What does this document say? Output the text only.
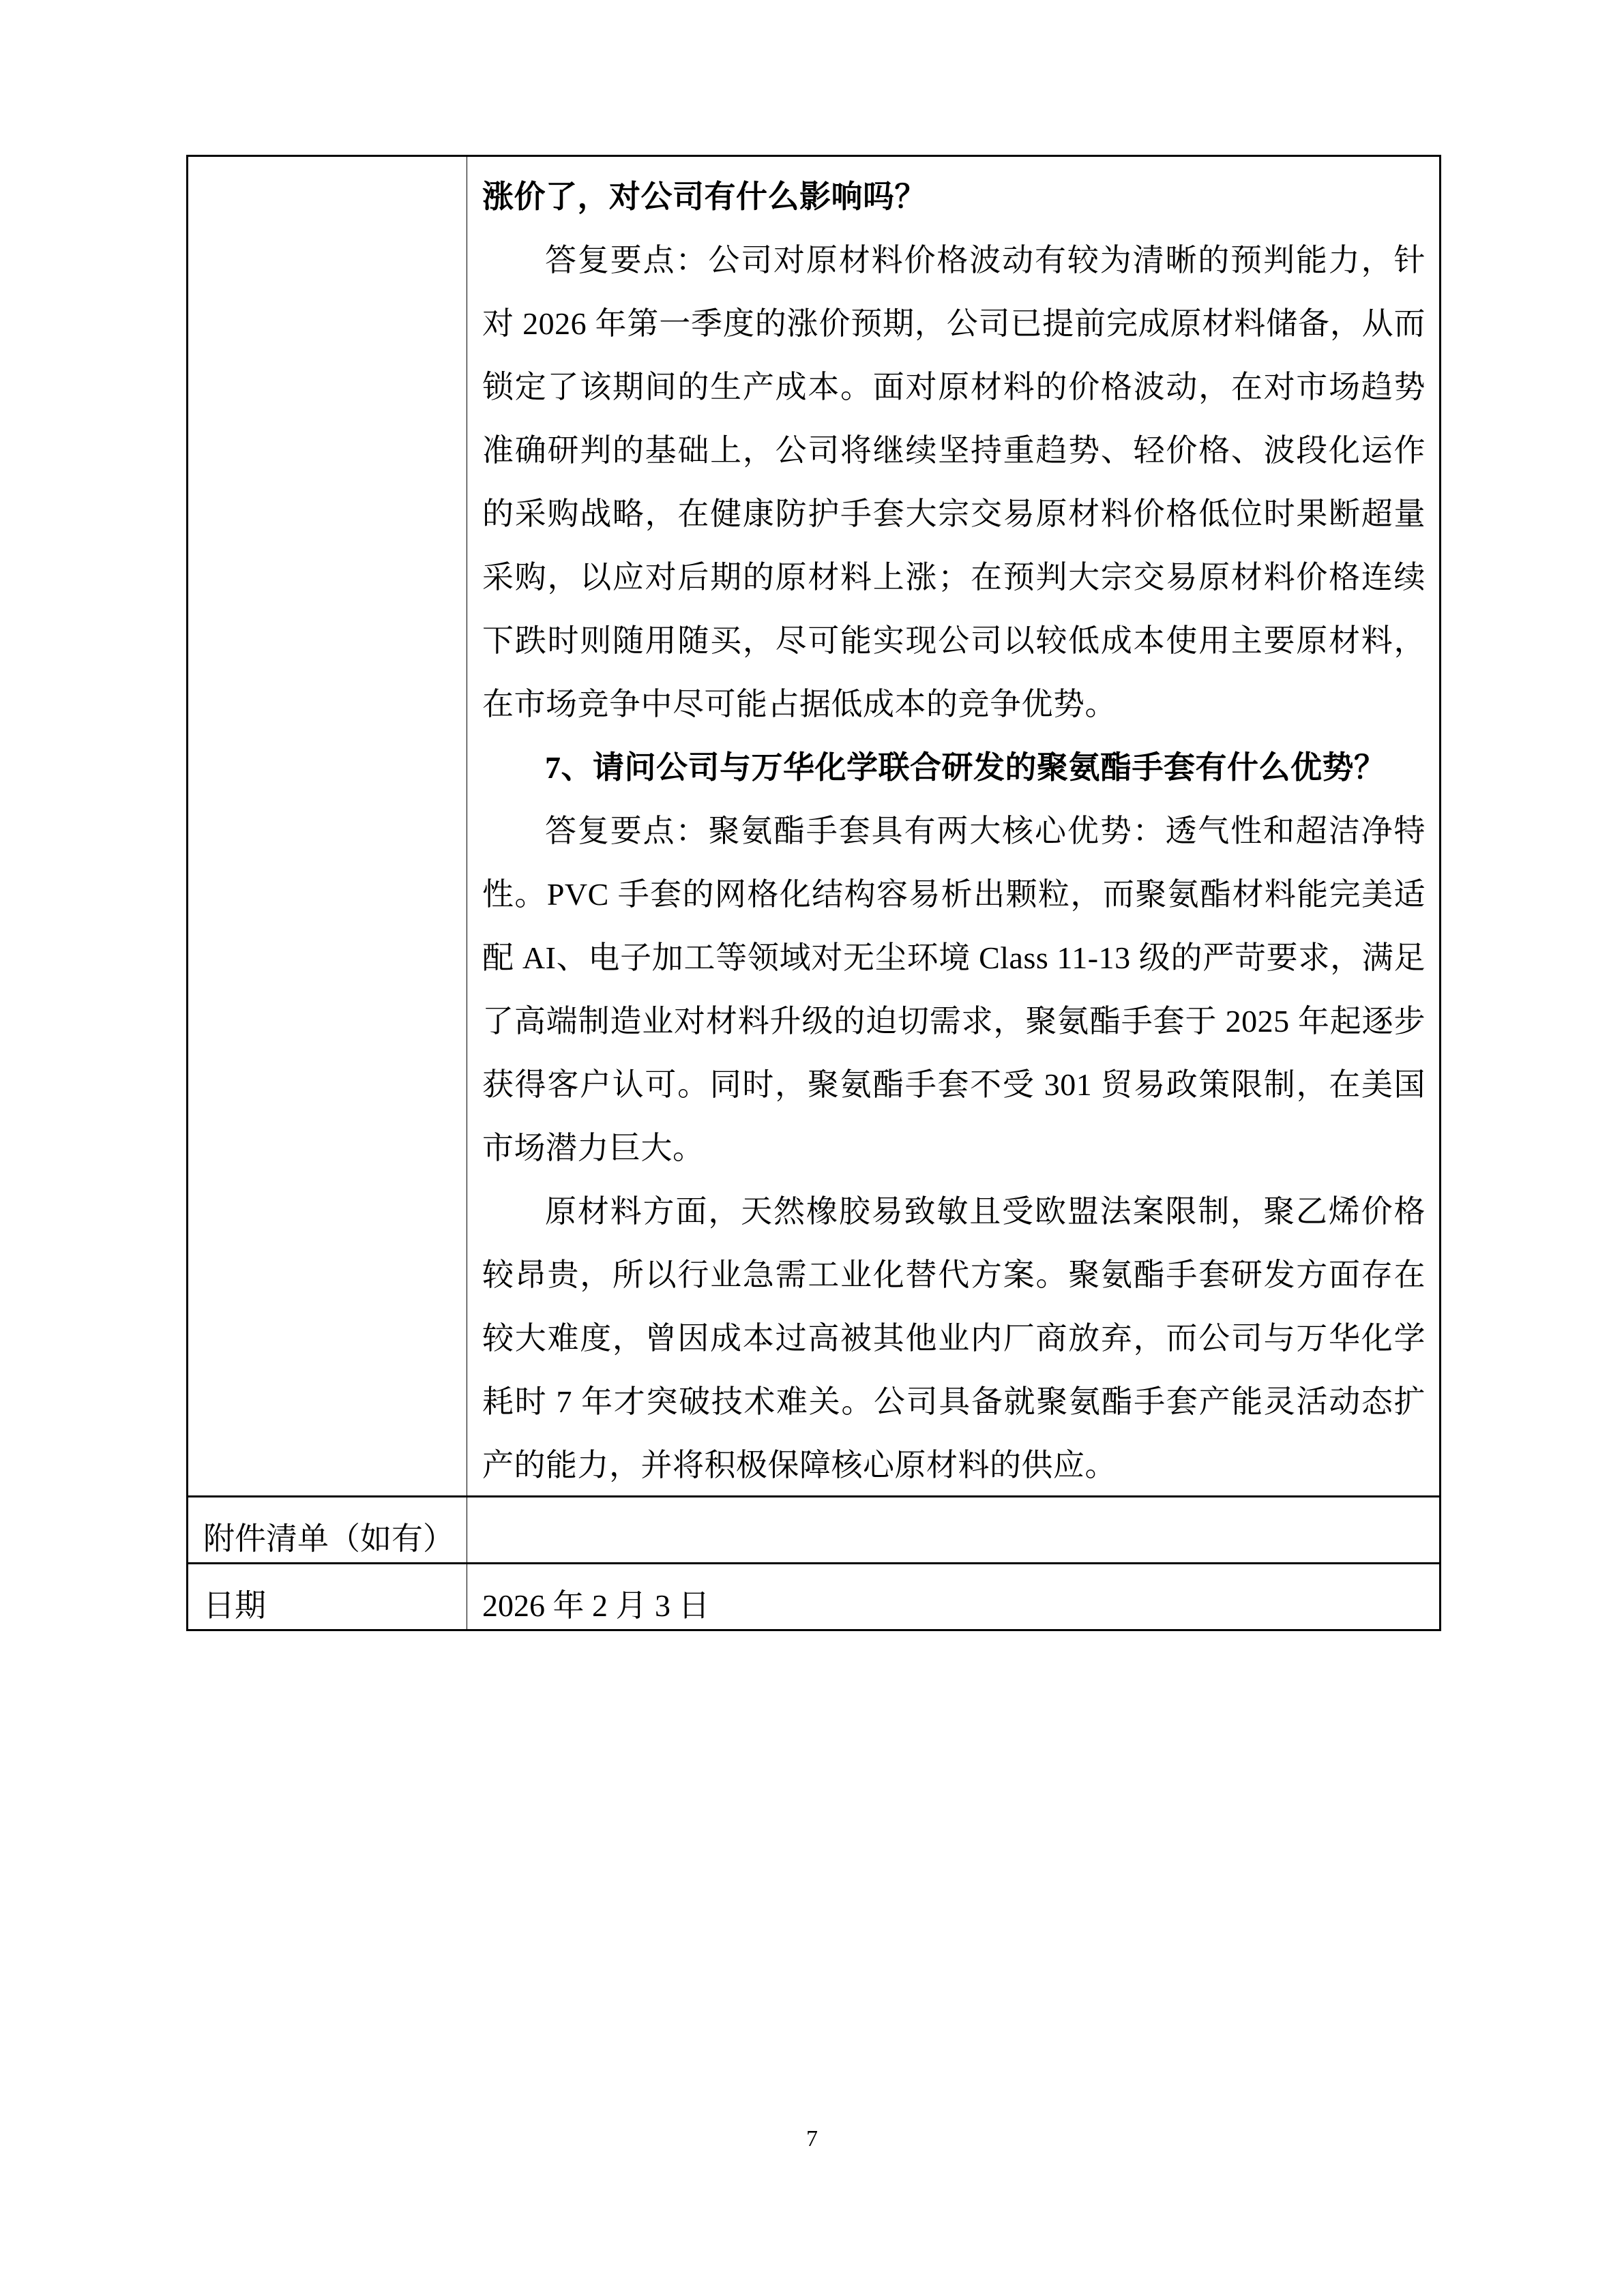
	涨价了，对公司有什么影响吗？

答复要点：公司对原材料价格波动有较为清晰的预判能力，针对 2026 年第一季度的涨价预期，公司已提前完成原材料储备，从而锁定了该期间的生产成本。面对原材料的价格波动，在对市场趋势准确研判的基础上，公司将继续坚持重趋势、轻价格、波段化运作的采购战略，在健康防护手套大宗交易原材料价格低位时果断超量采购，以应对后期的原材料上涨；在预判大宗交易原材料价格连续下跌时则随用随买，尽可能实现公司以较低成本使用主要原材料，在市场竞争中尽可能占据低成本的竞争优势。

7、请问公司与万华化学联合研发的聚氨酯手套有什么优势？

答复要点：聚氨酯手套具有两大核心优势：透气性和超洁净特性。PVC 手套的网格化结构容易析出颗粒，而聚氨酯材料能完美适配 AI、电子加工等领域对无尘环境 Class 11-13 级的严苛要求，满足了高端制造业对材料升级的迫切需求，聚氨酯手套于 2025 年起逐步获得客户认可。同时，聚氨酯手套不受 301 贸易政策限制，在美国市场潜力巨大。

原材料方面，天然橡胶易致敏且受欧盟法案限制，聚乙烯价格较昂贵，所以行业急需工业化替代方案。聚氨酯手套研发方面存在较大难度，曾因成本过高被其他业内厂商放弃，而公司与万华化学耗时 7 年才突破技术难关。公司具备就聚氨酯手套产能灵活动态扩产的能力，并将积极保障核心原材料的供应。

附件清单（如有）	

日期	2026 年 2 月 3 日
7
